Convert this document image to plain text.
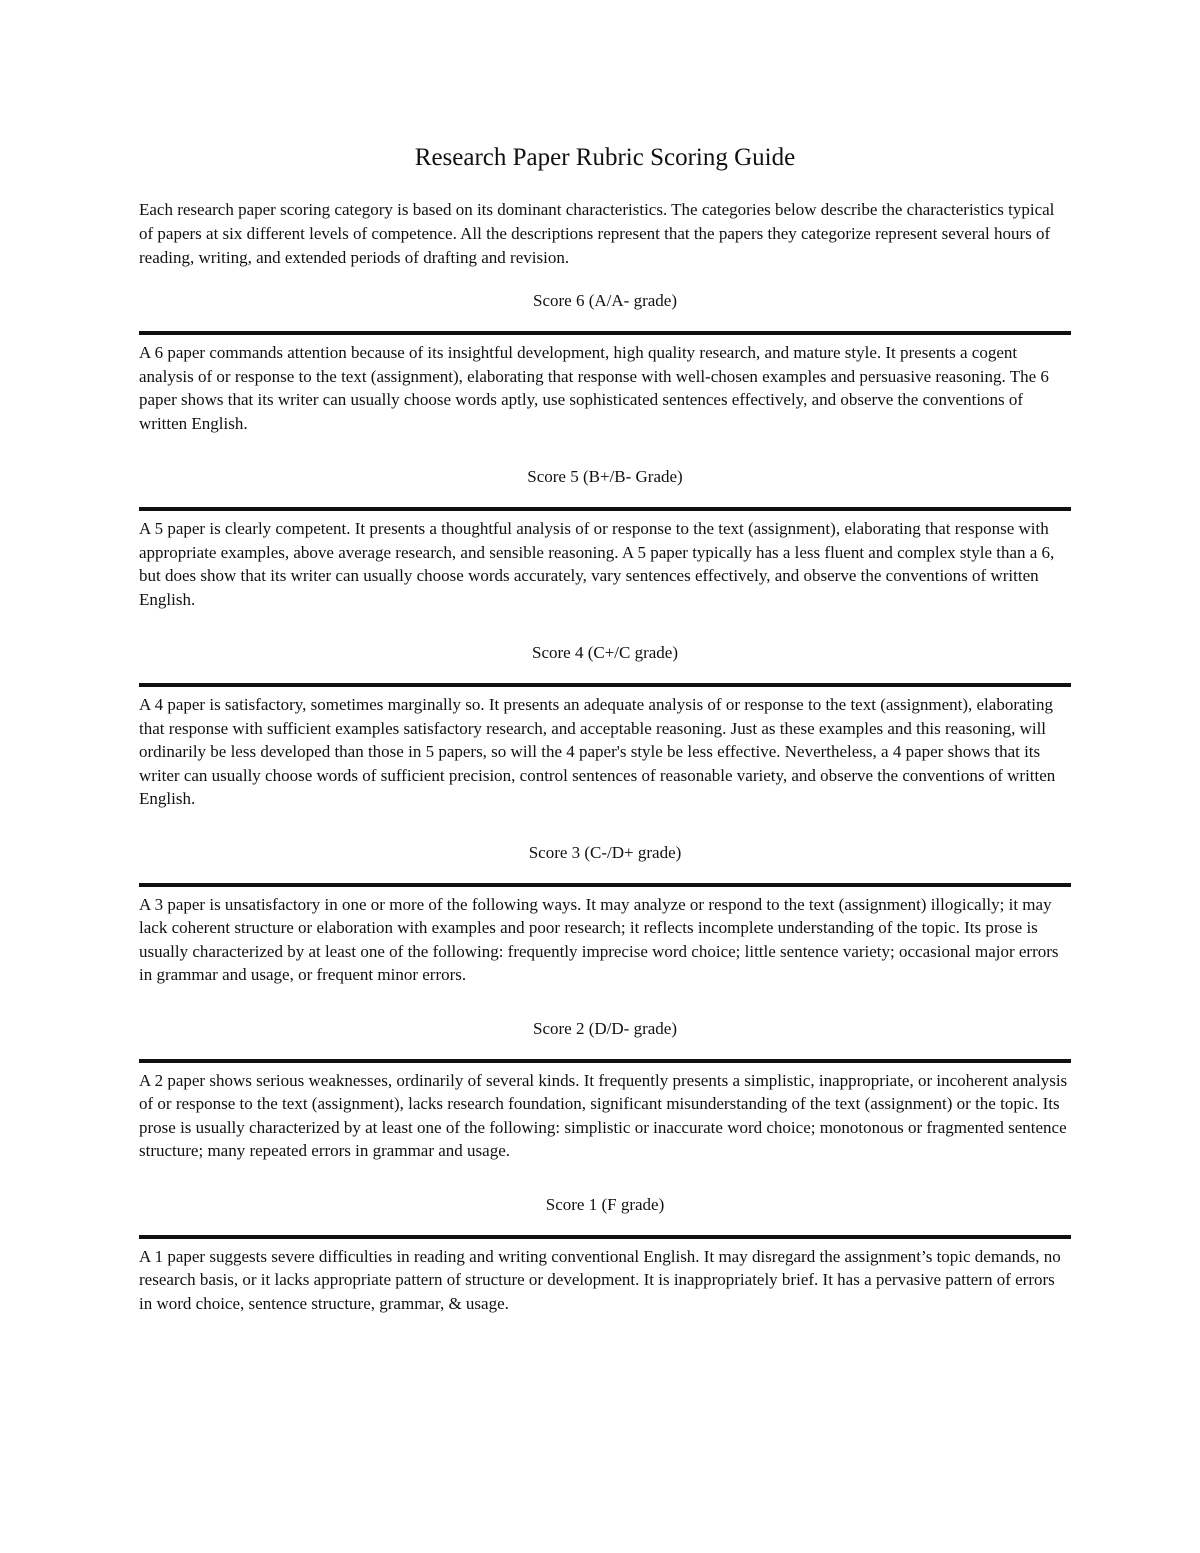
Research Paper Rubric Scoring Guide

Each research paper scoring category is based on its dominant characteristics. The categories below describe the characteristics typical of papers at six different levels of competence. All the descriptions represent that the papers they categorize represent several hours of reading, writing, and extended periods of drafting and revision.

Score 6 (A/A- grade)

A 6 paper commands attention because of its insightful development, high quality research, and mature style. It presents a cogent analysis of or response to the text (assignment), elaborating that response with well-chosen examples and persuasive reasoning. The 6 paper shows that its writer can usually choose words aptly, use sophisticated sentences effectively, and observe the conventions of written English.

Score 5 (B+/B- Grade)

A 5 paper is clearly competent. It presents a thoughtful analysis of or response to the text (assignment), elaborating that response with appropriate examples, above average research, and sensible reasoning. A 5 paper typically has a less fluent and complex style than a 6, but does show that its writer can usually choose words accurately, vary sentences effectively, and observe the conventions of written English.

Score 4 (C+/C grade)

A 4 paper is satisfactory, sometimes marginally so. It presents an adequate analysis of or response to the text (assignment), elaborating that response with sufficient examples satisfactory research, and acceptable reasoning. Just as these examples and this reasoning, will ordinarily be less developed than those in 5 papers, so will the 4 paper's style be less effective. Nevertheless, a 4 paper shows that its writer can usually choose words of sufficient precision, control sentences of reasonable variety, and observe the conventions of written English.

Score 3 (C-/D+ grade)

A 3 paper is unsatisfactory in one or more of the following ways. It may analyze or respond to the text (assignment) illogically; it may lack coherent structure or elaboration with examples and poor research; it reflects incomplete understanding of the topic. Its prose is usually characterized by at least one of the following: frequently imprecise word choice; little sentence variety; occasional major errors in grammar and usage, or frequent minor errors.

Score 2 (D/D- grade)

A 2 paper shows serious weaknesses, ordinarily of several kinds. It frequently presents a simplistic, inappropriate, or incoherent analysis of or response to the text (assignment), lacks research foundation, significant misunderstanding of the text (assignment) or the topic. Its prose is usually characterized by at least one of the following: simplistic or inaccurate word choice; monotonous or fragmented sentence structure; many repeated errors in grammar and usage.

Score 1 (F grade)

A 1 paper suggests severe difficulties in reading and writing conventional English. It may disregard the assignment’s topic demands, no research basis, or it lacks appropriate pattern of structure or development. It is inappropriately brief. It has a pervasive pattern of errors in word choice, sentence structure, grammar, & usage.
